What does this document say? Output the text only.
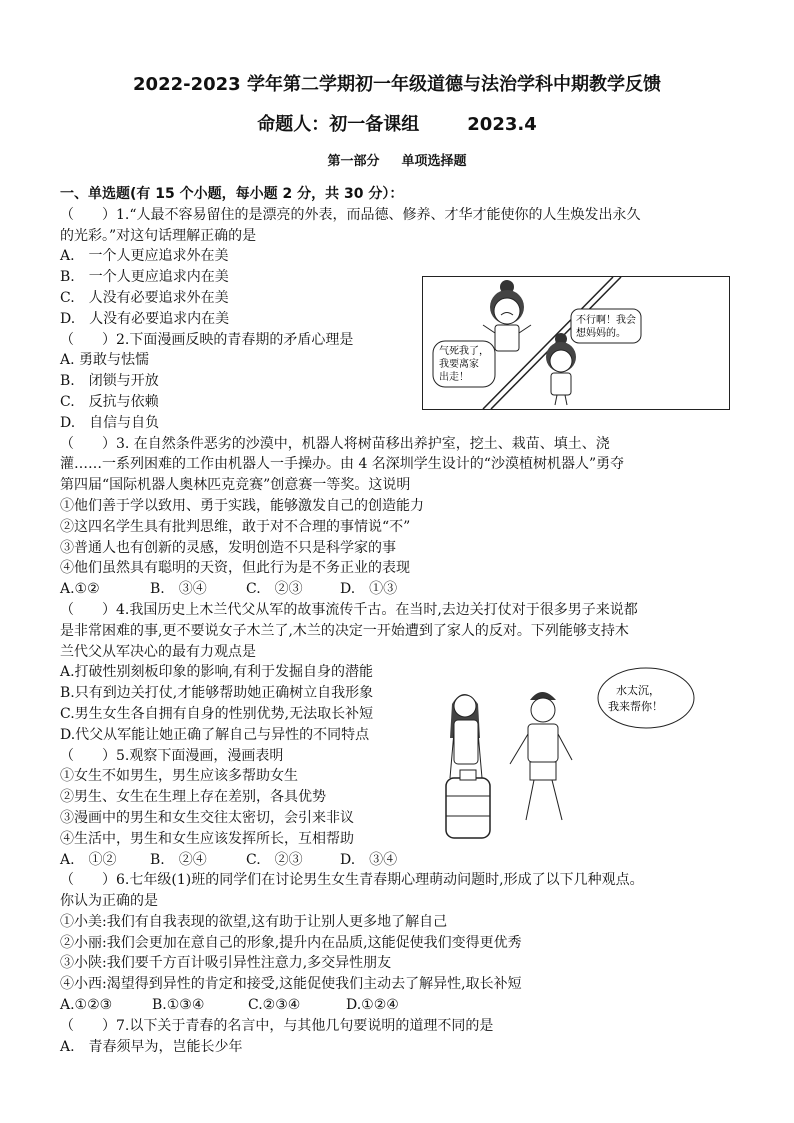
2022-2023 学年第二学期初一年级道德与法治学科中期教学反馈
命题人：初一备课组	2023.4
第一部分 单项选择题
一、单选题(有 15 个小题，每小题 2 分，共 30 分）：
（　　）1.“人最不容易留住的是漂亮的外表，而品德、修养、才华才能使你的人生焕发出永久
的光彩。”对这句话理解正确的是
A.　一个人更应追求外在美
B.　一个人更应追求内在美
C.　人没有必要追求外在美
D.　人没有必要追求内在美
（　　）2.下面漫画反映的青春期的矛盾心理是
A. 勇敢与怯懦
B.　闭锁与开放
C.　反抗与依赖
D.　自信与自负
（　　）3. 在自然条件恶劣的沙漠中，机器人将树苗移出养护室，挖土、栽苗、填土、浇
灌……一系列困难的工作由机器人一手操办。由 4 名深圳学生设计的“沙漠植树机器人”勇夺
第四届“国际机器人奥林匹克竞赛”创意赛一等奖。这说明
①他们善于学以致用、勇于实践，能够激发自己的创造能力
②这四名学生具有批判思维，敢于对不合理的事情说“不”
③普通人也有创新的灵感，发明创造不只是科学家的事
④他们虽然具有聪明的天资，但此行为是不务正业的表现
A.①②	B.　③④	C.　②③	D.　①③
（　　）4.我国历史上木兰代父从军的故事流传千古。在当时,去边关打仗对于很多男子来说都
是非常困难的事,更不要说女子木兰了,木兰的决定一开始遭到了家人的反对。下列能够支持木
兰代父从军决心的最有力观点是
A.打破性别刻板印象的影响,有利于发掘自身的潜能
B.只有到边关打仗,才能够帮助她正确树立自我形象
C.男生女生各自拥有自身的性别优势,无法取长补短
D.代父从军能让她正确了解自己与异性的不同特点
（　　）5.观察下面漫画，漫画表明
①女生不如男生，男生应该多帮助女生
②男生、女生在生理上存在差别，各具优势
③漫画中的男生和女生交往太密切，会引来非议
④生活中，男生和女生应该发挥所长，互相帮助
A.　①② B.　②④	C.　②③	D.　③④
（　　）6.七年级(1)班的同学们在讨论男生女生青春期心理萌动问题时,形成了以下几种观点。
你认为正确的是
①小美:我们有自我表现的欲望,这有助于让别人更多地了解自己
②小丽:我们会更加在意自己的形象,提升内在品质,这能促使我们变得更优秀
③小陕:我们要千方百计吸引异性注意力,多交异性朋友
④小西:渴望得到异性的肯定和接受,这能促使我们主动去了解异性,取长补短
A.①②③	B.①③④	C.②③④	D.①②④
（　　）7.以下关于青春的名言中，与其他几句要说明的道理不同的是
A.　青春须早为，岂能长少年
气死我了，
我要离家
出走！
不行啊！我会
想妈妈的。
水太沉，
我来帮你！
